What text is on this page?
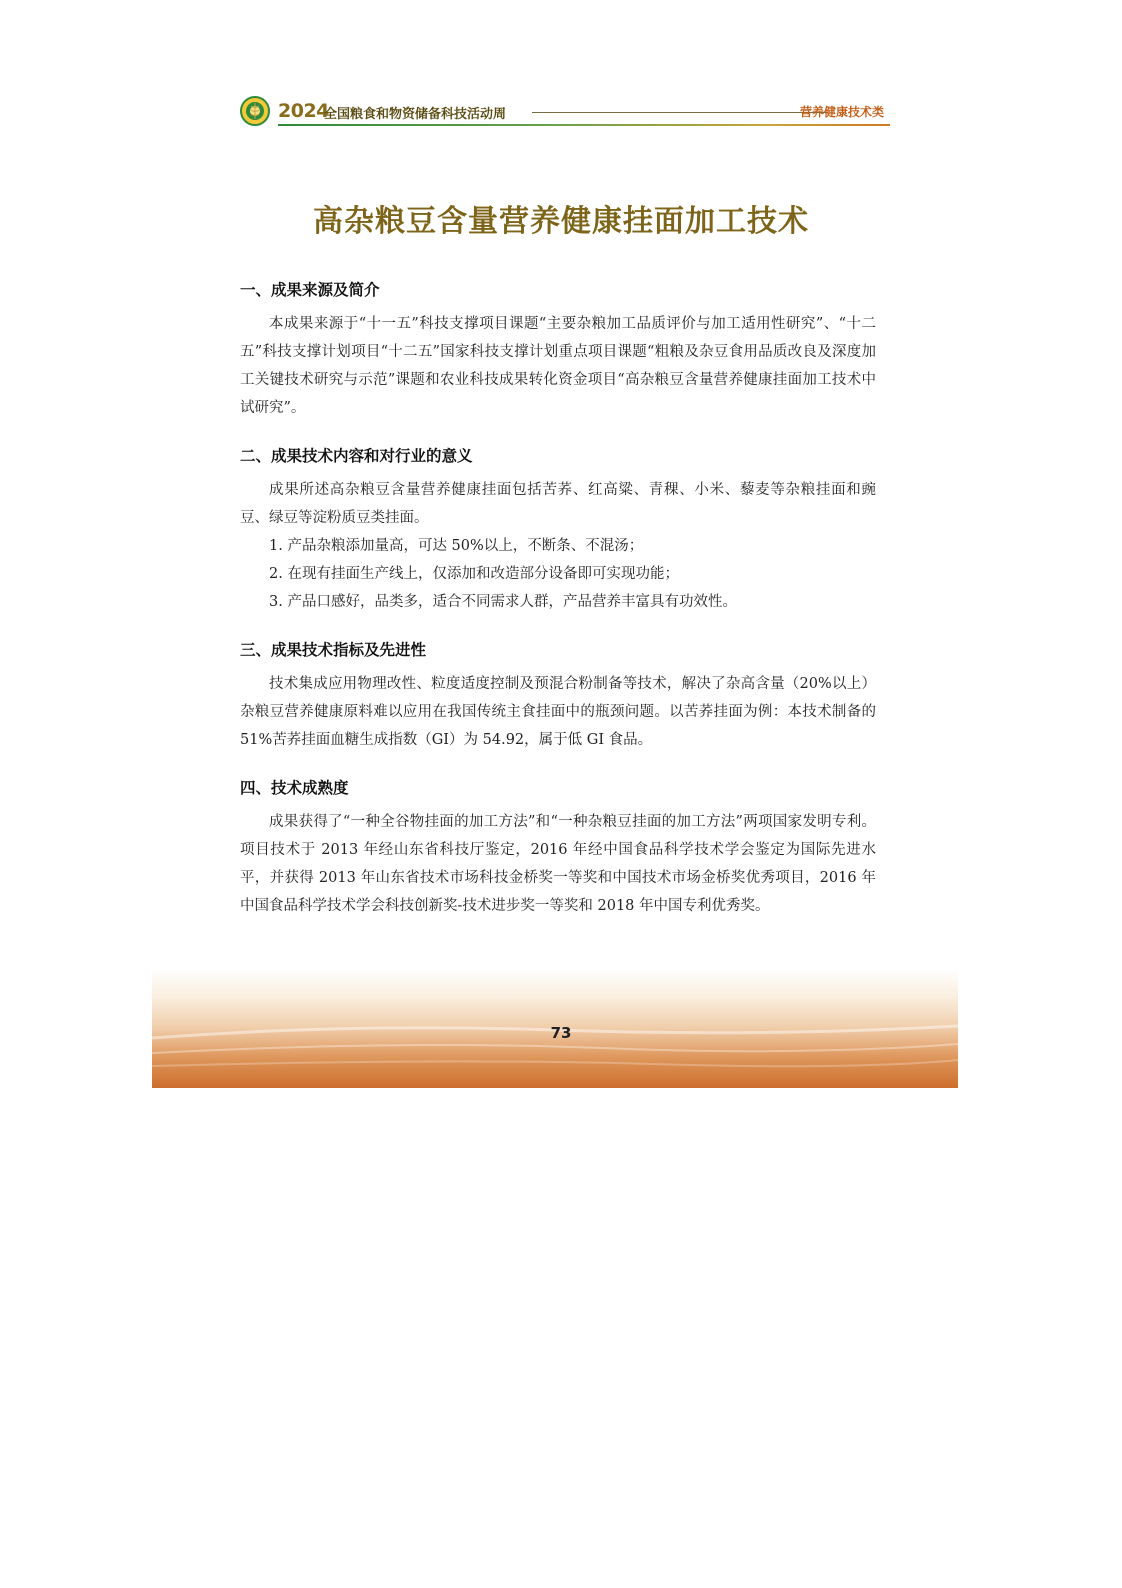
2024
全国粮食和物资储备科技活动周	营养健康技术类
高杂粮豆含量营养健康挂面加工技术
一、成果来源及简介

本成果来源于“十一五”科技支撑项目课题“主要杂粮加工品质评价与加工适用性研究”、“十二五”科技支撑计划项目“十二五”国家科技支撑计划重点项目课题“粗粮及杂豆食用品质改良及深度加工关键技术研究与示范”课题和农业科技成果转化资金项目“高杂粮豆含量营养健康挂面加工技术中试研究”。

二、成果技术内容和对行业的意义

成果所述高杂粮豆含量营养健康挂面包括苦荞、红高粱、青稞、小米、藜麦等杂粮挂面和豌豆、绿豆等淀粉质豆类挂面。

1. 产品杂粮添加量高，可达 50%以上，不断条、不混汤；

2. 在现有挂面生产线上，仅添加和改造部分设备即可实现功能；

3. 产品口感好，品类多，适合不同需求人群，产品营养丰富具有功效性。

三、成果技术指标及先进性

技术集成应用物理改性、粒度适度控制及预混合粉制备等技术，解决了杂高含量（20%以上）杂粮豆营养健康原料难以应用在我国传统主食挂面中的瓶颈问题。以苦荞挂面为例：本技术制备的 51%苦荞挂面血糖生成指数（GI）为 54.92，属于低 GI 食品。

四、技术成熟度

成果获得了“一种全谷物挂面的加工方法”和“一种杂粮豆挂面的加工方法”两项国家发明专利。项目技术于 2013 年经山东省科技厅鉴定，2016 年经中国食品科学技术学会鉴定为国际先进水平，并获得 2013 年山东省技术市场科技金桥奖一等奖和中国技术市场金桥奖优秀项目，2016 年中国食品科学技术学会科技创新奖-技术进步奖一等奖和 2018 年中国专利优秀奖。

73
